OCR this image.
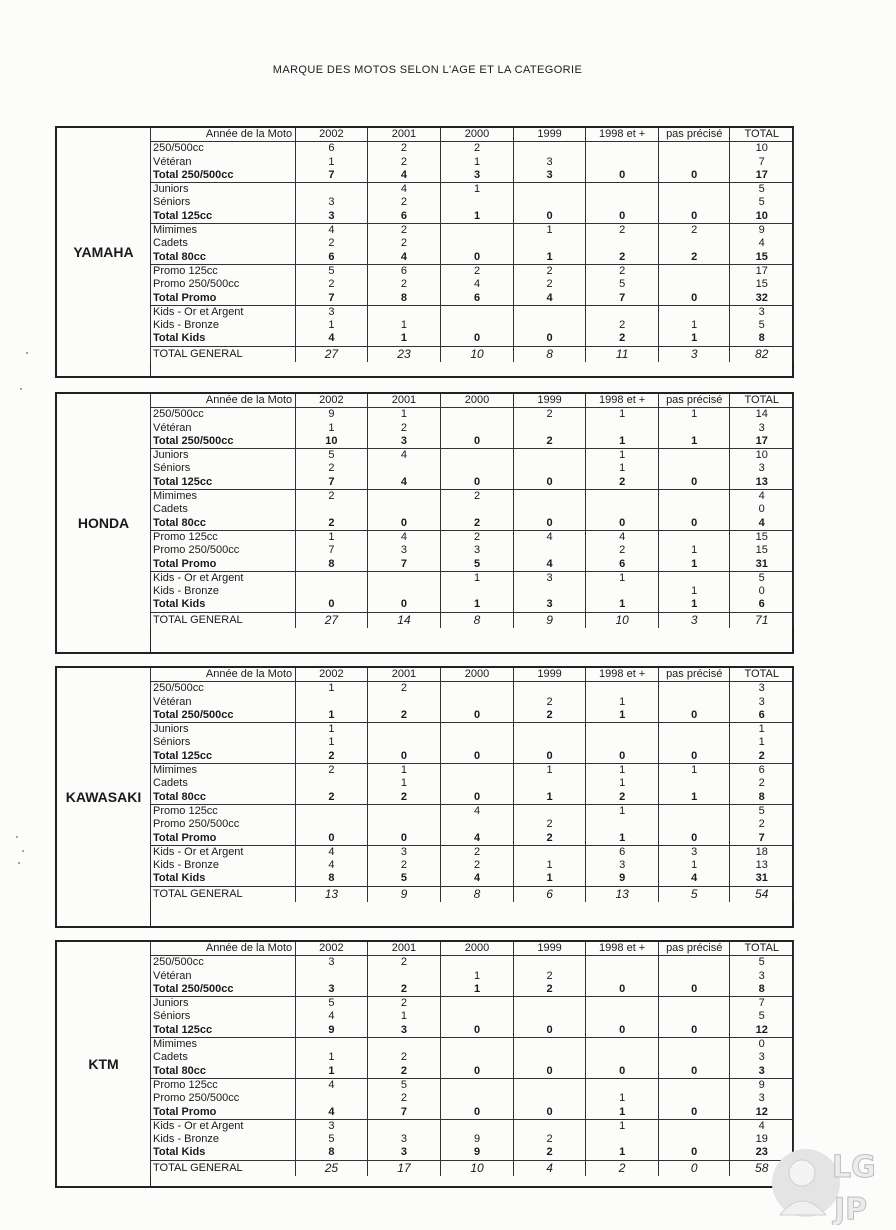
MARQUE DES MOTOS SELON L'AGE ET LA CATEGORIE
YAMAHA
Année de la Moto	2002	2001	2000	1999	1998 et +	pas précisé	TOTAL
250/500cc	6	2	2				10
Vétéran	1	2	1	3			7
Total 250/500cc	7	4	3	3	0	0	17
Juniors		4	1				5
Séniors	3	2					5
Total 125cc	3	6	1	0	0	0	10
Mimimes	4	2		1	2	2	9
Cadets	2	2					4
Total 80cc	6	4	0	1	2	2	15
Promo 125cc	5	6	2	2	2		17
Promo 250/500cc	2	2	4	2	5		15
Total Promo	7	8	6	4	7	0	32
Kids - Or et Argent	3						3
Kids - Bronze	1	1			2	1	5
Total Kids	4	1	0	0	2	1	8
TOTAL GENERAL	27	23	10	8	11	3	82
HONDA
Année de la Moto	2002	2001	2000	1999	1998 et +	pas précisé	TOTAL
250/500cc	9	1		2	1	1	14
Vétéran	1	2					3
Total 250/500cc	10	3	0	2	1	1	17
Juniors	5	4			1		10
Séniors	2				1		3
Total 125cc	7	4	0	0	2	0	13
Mimimes	2		2				4
Cadets							0
Total 80cc	2	0	2	0	0	0	4
Promo 125cc	1	4	2	4	4		15
Promo 250/500cc	7	3	3		2	1	15
Total Promo	8	7	5	4	6	1	31
Kids - Or et Argent			1	3	1		5
Kids - Bronze						1	0
Total Kids	0	0	1	3	1	1	6
TOTAL GENERAL	27	14	8	9	10	3	71
KAWASAKI
Année de la Moto	2002	2001	2000	1999	1998 et +	pas précisé	TOTAL
250/500cc	1	2					3
Vétéran				2	1		3
Total 250/500cc	1	2	0	2	1	0	6
Juniors	1						1
Séniors	1						1
Total 125cc	2	0	0	0	0	0	2
Mimimes	2	1		1	1	1	6
Cadets		1			1		2
Total 80cc	2	2	0	1	2	1	8
Promo 125cc			4		1		5
Promo 250/500cc				2			2
Total Promo	0	0	4	2	1	0	7
Kids - Or et Argent	4	3	2		6	3	18
Kids - Bronze	4	2	2	1	3	1	13
Total Kids	8	5	4	1	9	4	31
TOTAL GENERAL	13	9	8	6	13	5	54
KTM
Année de la Moto	2002	2001	2000	1999	1998 et +	pas précisé	TOTAL
250/500cc	3	2					5
Vétéran			1	2			3
Total 250/500cc	3	2	1	2	0	0	8
Juniors	5	2					7
Séniors	4	1					5
Total 125cc	9	3	0	0	0	0	12
Mimimes							0
Cadets	1	2					3
Total 80cc	1	2	0	0	0	0	3
Promo 125cc	4	5					9
Promo 250/500cc		2			1		3
Total Promo	4	7	0	0	1	0	12
Kids - Or et Argent	3				1		4
Kids - Bronze	5	3	9	2			19
Total Kids	8	3	9	2	1	0	23
TOTAL GENERAL	25	17	10	4	2	0	58 LG
JP
